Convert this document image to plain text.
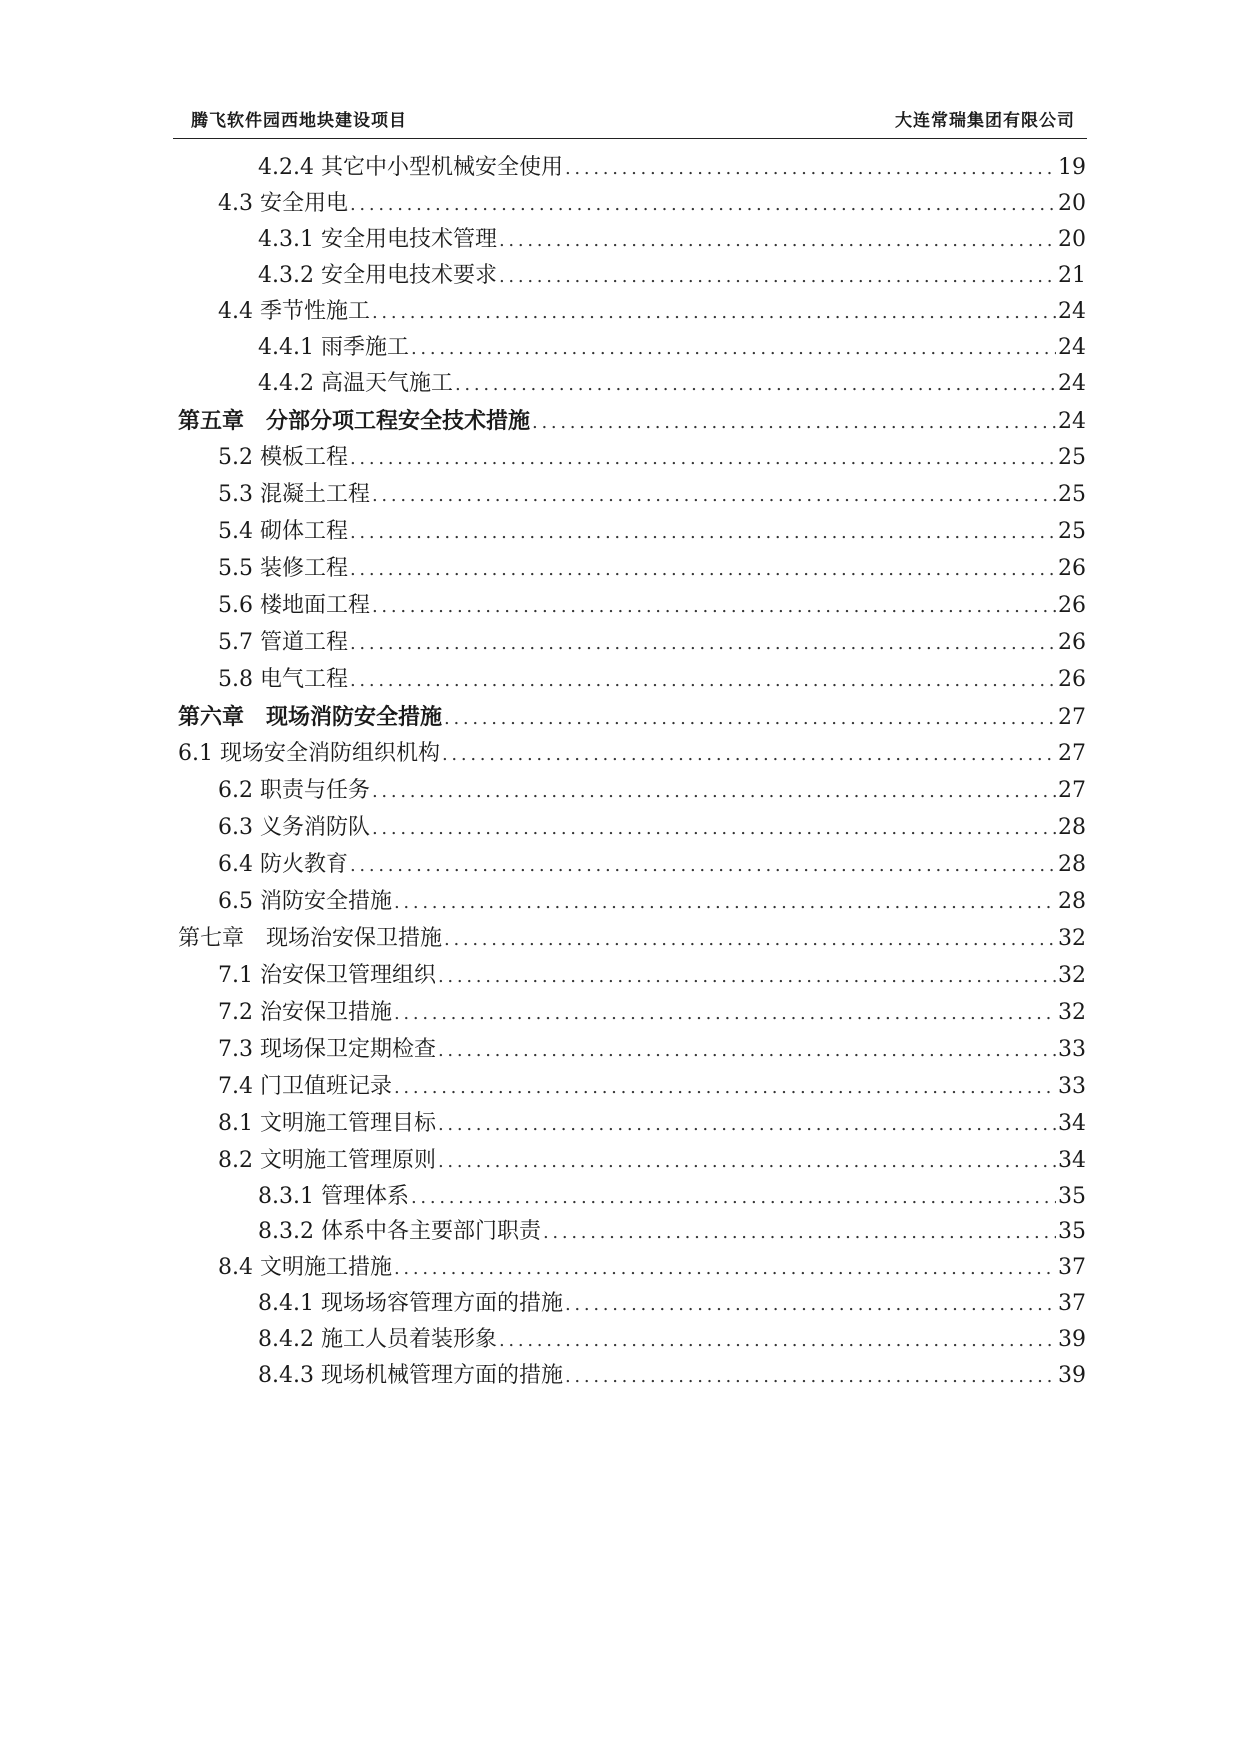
腾飞软件园西地块建设项目	大连常瑞集团有限公司
4.2.4 其它中小型机械安全使用 . . .	19
4.3 安全用电 . . .	20
4.3.1 安全用电技术管理 . . .	20
4.3.2 安全用电技术要求 . . .	21
4.4 季节性施工 . . .	24
4.4.1 雨季施工 . . .	24
4.4.2 高温天气施工 . . .	24
第五章　分部分项工程安全技术措施 . . .	24
5.2 模板工程 . . .	25
5.3 混凝土工程 . . .	25
5.4 砌体工程 . . .	25
5.5 装修工程 . . .	26
5.6 楼地面工程 . . .	26
5.7 管道工程 . . .	26
5.8 电气工程 . . .	26
第六章　现场消防安全措施 . . .	27
6.1 现场安全消防组织机构 . . .	27
6.2 职责与任务 . . .	27
6.3 义务消防队 . . .	28
6.4 防火教育 . . .	28
6.5 消防安全措施 . . .	28
第七章　现场治安保卫措施 . . .	32
7.1 治安保卫管理组织 . . .	32
7.2 治安保卫措施 . . .	32
7.3 现场保卫定期检查 . . .	33
7.4 门卫值班记录 . . .	33
8.1 文明施工管理目标 . . .	34
8.2 文明施工管理原则 . . .	34
8.3.1 管理体系 . . .	35
8.3.2 体系中各主要部门职责 . . .	35
8.4 文明施工措施 . . .	37
8.4.1 现场场容管理方面的措施 . . .	37
8.4.2 施工人员着装形象 . . .	39
8.4.3 现场机械管理方面的措施 . . .	39
